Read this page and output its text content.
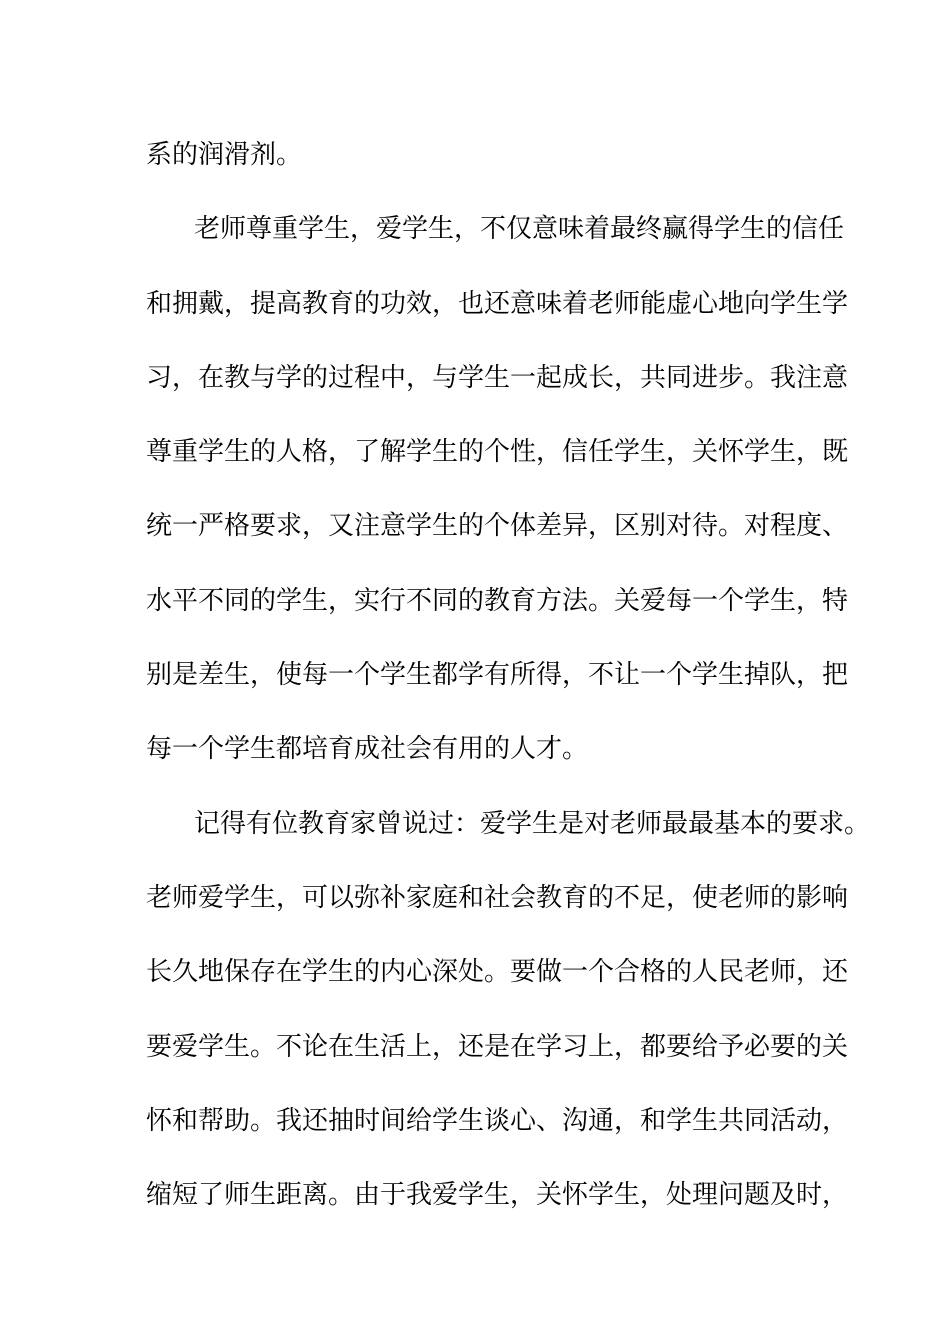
系的润滑剂。
老师尊重学生，爱学生，不仅意味着最终赢得学生的信任
和拥戴，提高教育的功效，也还意味着老师能虚心地向学生学
习，在教与学的过程中，与学生一起成长，共同进步。我注意
尊重学生的人格，了解学生的个性，信任学生，关怀学生，既
统一严格要求，又注意学生的个体差异，区别对待。对程度、
水平不同的学生，实行不同的教育方法。关爱每一个学生，特
别是差生，使每一个学生都学有所得，不让一个学生掉队，把
每一个学生都培育成社会有用的人才。
记得有位教育家曾说过：爱学生是对老师最最基本的要求。
老师爱学生，可以弥补家庭和社会教育的不足，使老师的影响
长久地保存在学生的内心深处。要做一个合格的人民老师，还
要爱学生。不论在生活上，还是在学习上，都要给予必要的关
怀和帮助。我还抽时间给学生谈心、沟通，和学生共同活动，
缩短了师生距离。由于我爱学生，关怀学生，处理问题及时，
